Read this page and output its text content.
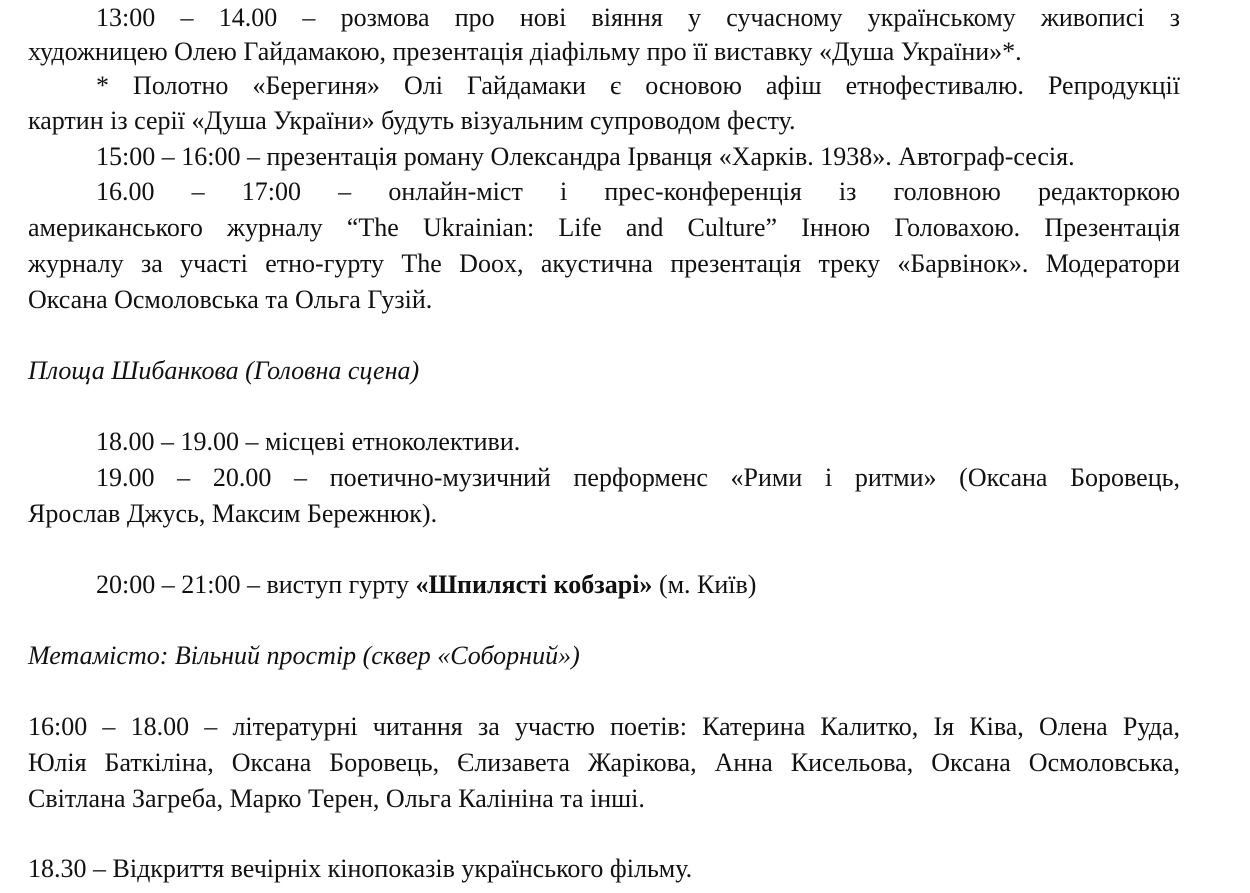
13:00 – 14.00 – розмова про нові віяння у сучасному українському живописі з
художницею Олею Гайдамакою, презентація діафільму про її виставку «Душа України»*.
* Полотно «Берегиня» Олі Гайдамаки є основою афіш етнофестивалю. Репродукції
картин із серії «Душа України» будуть візуальним супроводом фесту.
15:00 – 16:00 – презентація роману Олександра Ірванця «Харків. 1938». Автограф-сесія.
16.00 – 17:00 – онлайн-міст і прес-конференція із головною редакторкою
американського журналу “The Ukrainian: Life and Culture” Інною Головахою. Презентація
журналу за участі етно-гурту The Doox, акустична презентація треку «Барвінок». Модератори
Оксана Осмоловська та Ольга Гузій.
Площа Шибанкова (Головна сцена)
18.00 – 19.00 – місцеві етноколективи.
19.00 – 20.00 – поетично-музичний перформенс «Рими і ритми» (Оксана Боровець,
Ярослав Джусь, Максим Бережнюк).
20:00 – 21:00 – виступ гурту «Шпилясті кобзарі» (м. Київ)
Метамісто: Вільний простір (сквер «Соборний»)
16:00 – 18.00 – літературні читання за участю поетів: Катерина Калитко, Ія Ківа, Олена Руда,
Юлія Баткіліна, Оксана Боровець, Єлизавета Жарікова, Анна Кисельова, Оксана Осмоловська,
Світлана Загреба, Марко Терен, Ольга Калініна та інші.
18.30 – Відкриття вечірніх кінопоказів українського фільму.
